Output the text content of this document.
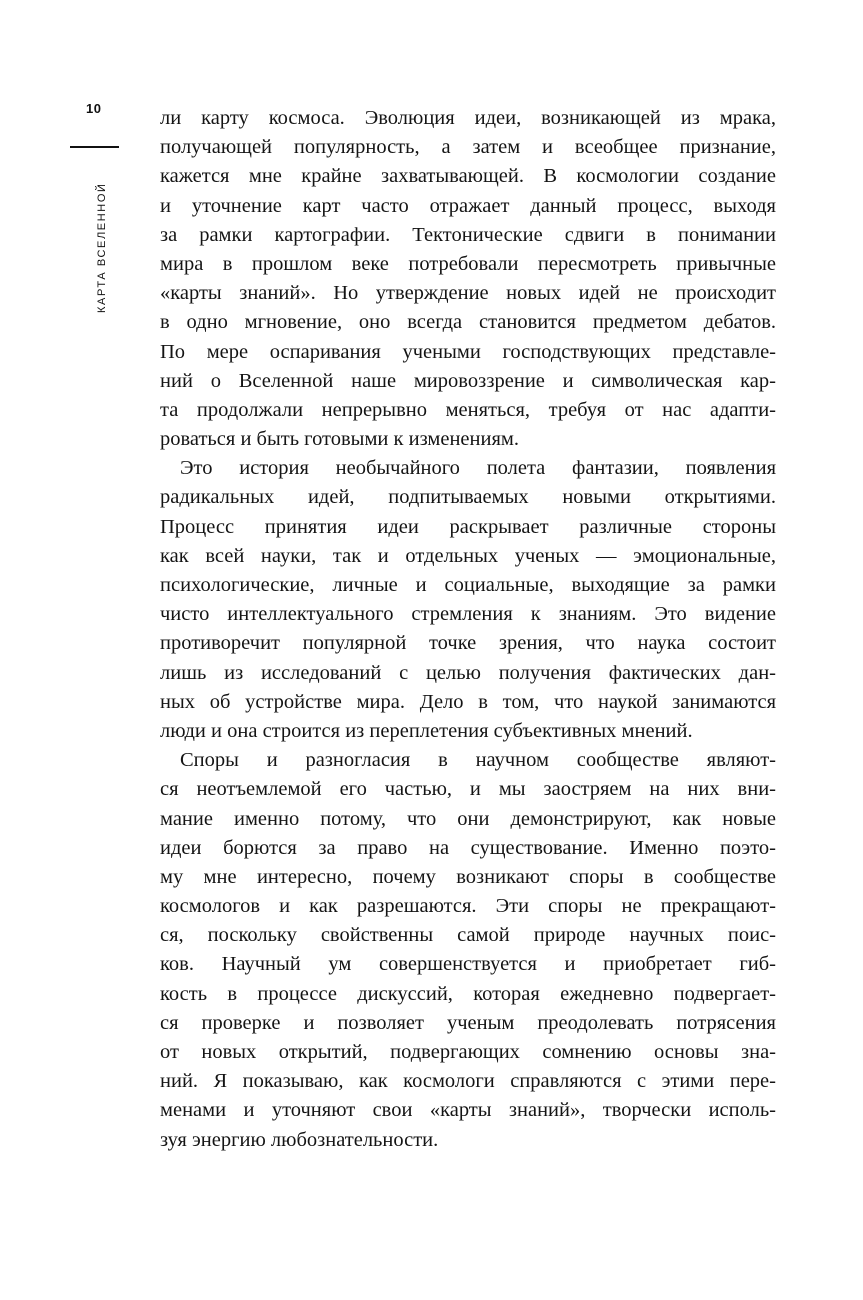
10
КАРТА ВСЕЛЕННОЙ

ли карту космоса. Эволюция идеи, возникающей из мрака,
получающей популярность, а затем и всеобщее признание,
кажется мне крайне захватывающей. В космологии создание
и уточнение карт часто отражает данный процесс, выходя
за рамки картографии. Тектонические сдвиги в понимании
мира в прошлом веке потребовали пересмотреть привычные
«карты знаний». Но утверждение новых идей не происходит
в одно мгновение, оно всегда становится предметом дебатов.
По мере оспаривания учеными господствующих представле-
ний о Вселенной наше мировоззрение и символическая кар-
та продолжали непрерывно меняться, требуя от нас адапти-
роваться и быть готовыми к изменениям.

Это история необычайного полета фантазии, появления
радикальных идей, подпитываемых новыми открытиями.
Процесс принятия идеи раскрывает различные стороны
как всей науки, так и отдельных ученых — эмоциональные,
психологические, личные и социальные, выходящие за рамки
чисто интеллектуального стремления к знаниям. Это видение
противоречит популярной точке зрения, что наука состоит
лишь из исследований с целью получения фактических дан-
ных об устройстве мира. Дело в том, что наукой занимаются
люди и она строится из переплетения субъективных мнений.

Споры и разногласия в научном сообществе являют-
ся неотъемлемой его частью, и мы заостряем на них вни-
мание именно потому, что они демонстрируют, как новые
идеи борются за право на существование. Именно поэто-
му мне интересно, почему возникают споры в сообществе
космологов и как разрешаются. Эти споры не прекращают-
ся, поскольку свойственны самой природе научных поис-
ков. Научный ум совершенствуется и приобретает гиб-
кость в процессе дискуссий, которая ежедневно подвергает-
ся проверке и позволяет ученым преодолевать потрясения
от новых открытий, подвергающих сомнению основы зна-
ний. Я показываю, как космологи справляются с этими пере-
менами и уточняют свои «карты знаний», творчески исполь-
зуя энергию любознательности.
